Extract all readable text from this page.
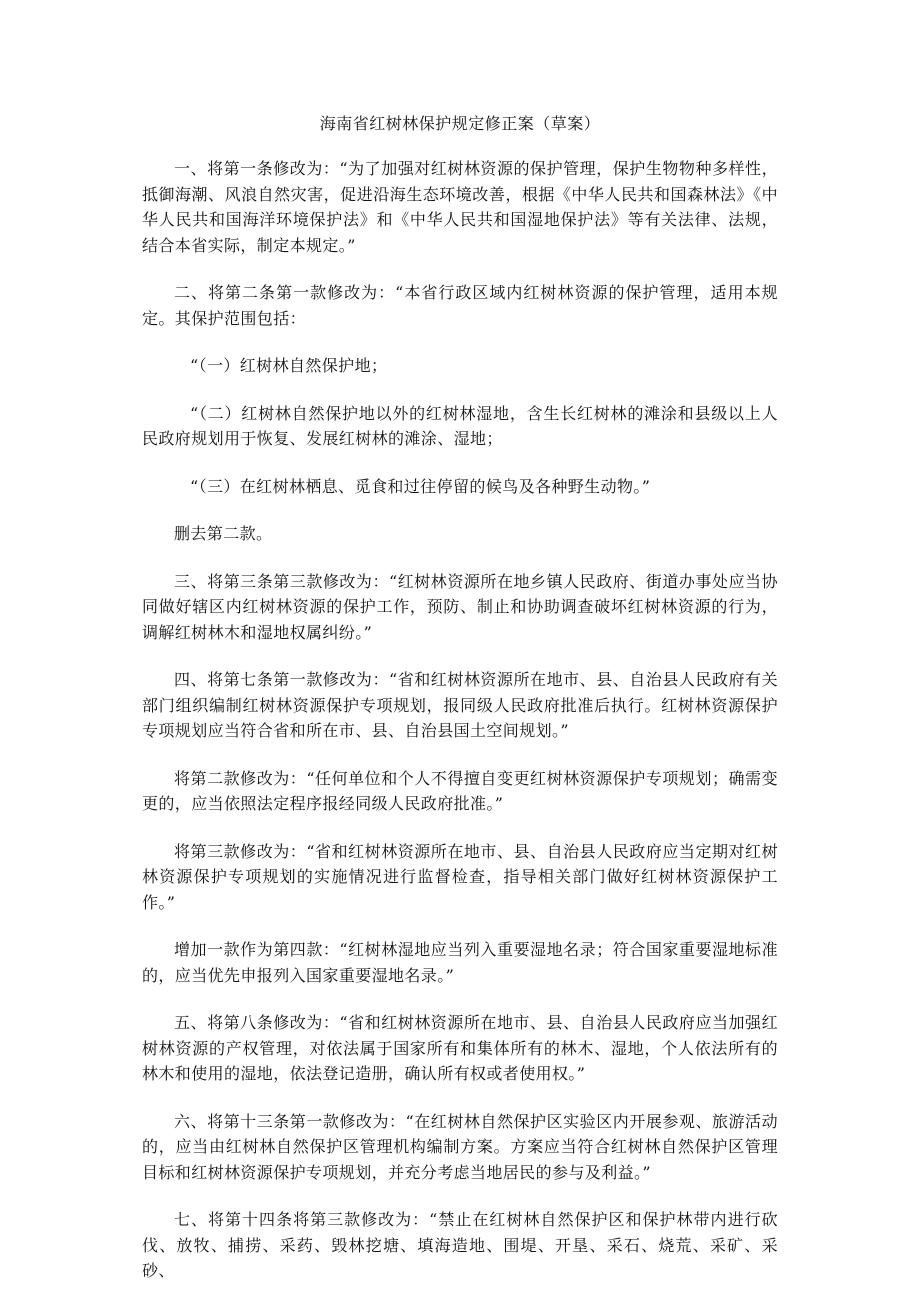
海南省红树林保护规定修正案（草案）

一、将第一条修改为：“为了加强对红树林资源的保护管理，保护生物物种多样性，抵御海潮、风浪自然灾害，促进沿海生态环境改善，根据《中华人民共和国森林法》《中华人民共和国海洋环境保护法》和《中华人民共和国湿地保护法》等有关法律、法规，结合本省实际，制定本规定。”

二、将第二条第一款修改为：“本省行政区域内红树林资源的保护管理，适用本规定。其保护范围包括：

“（一）红树林自然保护地；

“（二）红树林自然保护地以外的红树林湿地，含生长红树林的滩涂和县级以上人民政府规划用于恢复、发展红树林的滩涂、湿地；

“（三）在红树林栖息、觅食和过往停留的候鸟及各种野生动物。”

删去第二款。

三、将第三条第三款修改为：“红树林资源所在地乡镇人民政府、街道办事处应当协同做好辖区内红树林资源的保护工作，预防、制止和协助调查破坏红树林资源的行为，调解红树林木和湿地权属纠纷。”

四、将第七条第一款修改为：“省和红树林资源所在地市、县、自治县人民政府有关部门组织编制红树林资源保护专项规划，报同级人民政府批准后执行。红树林资源保护专项规划应当符合省和所在市、县、自治县国土空间规划。”

将第二款修改为：“任何单位和个人不得擅自变更红树林资源保护专项规划；确需变更的，应当依照法定程序报经同级人民政府批准。”

将第三款修改为：“省和红树林资源所在地市、县、自治县人民政府应当定期对红树林资源保护专项规划的实施情况进行监督检查，指导相关部门做好红树林资源保护工作。”

增加一款作为第四款：“红树林湿地应当列入重要湿地名录；符合国家重要湿地标准的，应当优先申报列入国家重要湿地名录。”

五、将第八条修改为：“省和红树林资源所在地市、县、自治县人民政府应当加强红树林资源的产权管理，对依法属于国家所有和集体所有的林木、湿地，个人依法所有的林木和使用的湿地，依法登记造册，确认所有权或者使用权。”

六、将第十三条第一款修改为：“在红树林自然保护区实验区内开展参观、旅游活动的，应当由红树林自然保护区管理机构编制方案。方案应当符合红树林自然保护区管理目标和红树林资源保护专项规划，并充分考虑当地居民的参与及利益。”

七、将第十四条将第三款修改为：“禁止在红树林自然保护区和保护林带内进行砍伐、放牧、捕捞、采药、毁林挖塘、填海造地、围堤、开垦、采石、烧荒、采矿、采砂、
